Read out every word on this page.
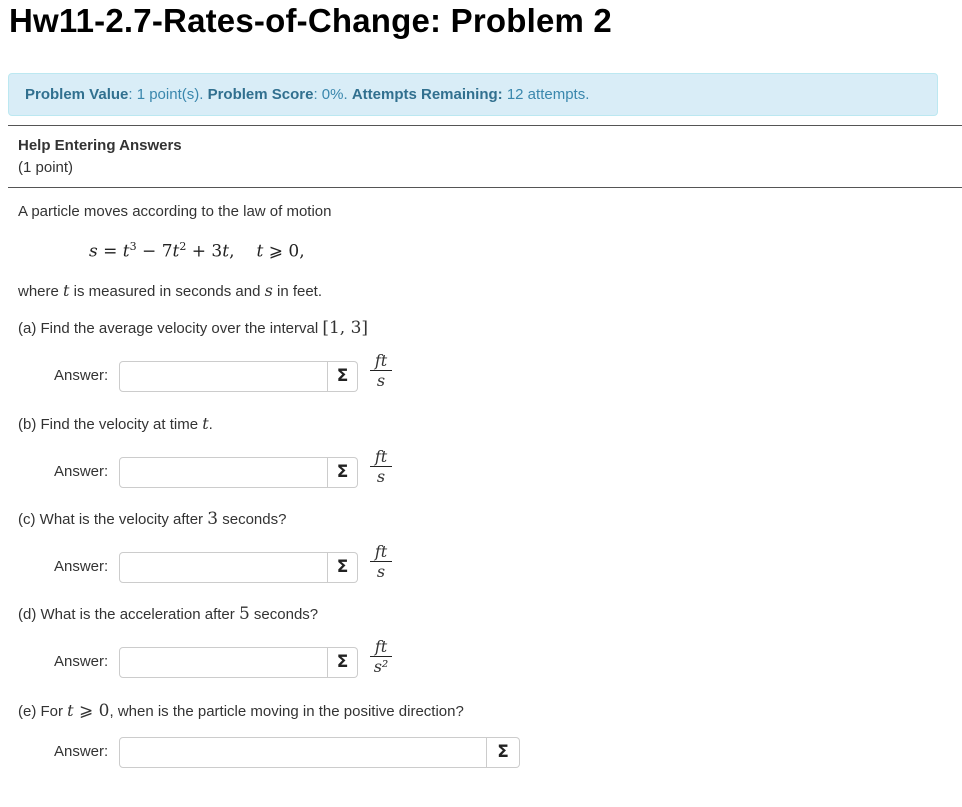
Hw11-2.7-Rates-of-Change: Problem 2
Problem Value: 1 point(s). Problem Score: 0%. Attempts Remaining: 12 attempts.
Help Entering Answers
(1 point)
A particle moves according to the law of motion
$s = t^3 - 7t^2 + 3t$, t ⩾ 0,
where t is measured in seconds and s in feet.
(a) Find the average velocity over the interval [1, 3]
Answer:	Σ	$\frac{ft}{s}$
(b) Find the velocity at time t.
Answer:	Σ	$\frac{ft}{s}$
(c) What is the velocity after 3 seconds?
Answer:	Σ	$\frac{ft}{s}$
(d) What is the acceleration after 5 seconds?
Answer:	Σ	$\frac{ft}{\text{s²}}$
(e) For t ⩾ 0, when is the particle moving in the positive direction?
Answer:	Σ
